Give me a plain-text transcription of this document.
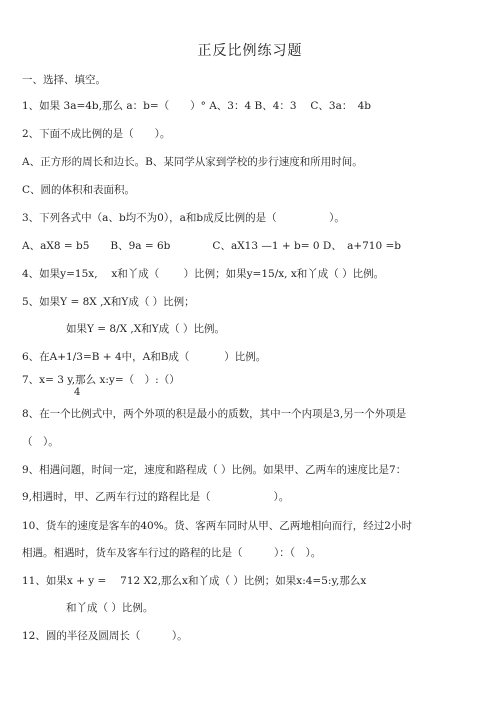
正反比例练习题
一、选择、填空。
1、如果 3a=4b,那么 a：b=（　　）° A、3：4 B、4：3　 C、3a：　4b
2、下面不成比例的是（　　）。
A、正方形的周长和边长。B、某同学从家到学校的步行速度和所用时间。
C、圆的体积和表面积。
3、下列各式中（a、b均不为0），a和b成反比例的是（　　　　　）。
A、aX8 = b5　　B、9a = 6b　　　　C、aX13 —1 + b= 0 D、　a+710 =b
4、如果y=15x,　 x和丫成（　　 ）比例；如果y=15/x, x和丫成（ ）比例。
5、如果Y = 8X ,X和Y成（ ）比例；
如果Y = 8/X ,X和Y成（ ）比例。
6、在A+1/3=B + 4中，A和B成（　　　 ）比例。
7、x= 3 y,那么 x:y=（　）:（）
4
8、在一个比例式中，两个外项的积是最小的质数，其中一个内项是3,另一个外项是
（　）。
9、相遇问题，时间一定，速度和路程成（ ）比例。如果甲、乙两车的速度比是7：
9,相遇时，甲、乙两车行过的路程比是（　　　　　　）。
10、货车的速度是客车的40%。货、客两车同时从甲、乙两地相向而行，经过2小时
相遇。相遇时，货车及客车行过的路程的比是（　　　）：（　）。
11、如果x + y =　 712 X2,那么x和丫成（ ）比例；如果x:4=5:y,那么x
和丫成（ ）比例。
12、圆的半径及圆周长（　　　）。
